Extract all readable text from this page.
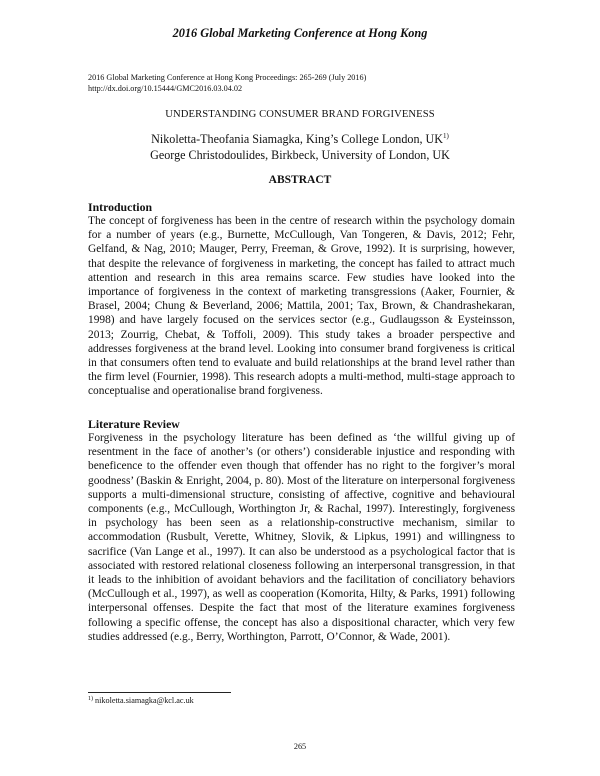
2016 Global Marketing Conference at Hong Kong
2016 Global Marketing Conference at Hong Kong Proceedings: 265-269 (July 2016)
http://dx.doi.org/10.15444/GMC2016.03.04.02
UNDERSTANDING CONSUMER BRAND FORGIVENESS
Nikoletta-Theofania Siamagka, King’s College London, UK$^{1)}$
George Christodoulides, Birkbeck, University of London, UK
ABSTRACT
Introduction

The concept of forgiveness has been in the centre of research within the psychology domain for a number of years (e.g., Burnette, McCullough, Van Tongeren, & Davis, 2012; Fehr, Gelfand, & Nag, 2010; Mauger, Perry, Freeman, & Grove, 1992). It is surprising, however, that despite the relevance of forgiveness in marketing, the concept has failed to attract much attention and research in this area remains scarce. Few studies have looked into the importance of forgiveness in the context of marketing transgressions (Aaker, Fournier, & Brasel, 2004; Chung & Beverland, 2006; Mattila, 2001; Tax, Brown, & Chandrashekaran, 1998) and have largely focused on the services sector (e.g., Gudlaugsson & Eysteinsson, 2013; Zourrig, Chebat, & Toffoli, 2009). This study takes a broader perspective and addresses forgiveness at the brand level. Looking into consumer brand forgiveness is critical in that consumers often tend to evaluate and build relationships at the brand level rather than the firm level (Fournier, 1998). This research adopts a multi-method, multi-stage approach to conceptualise and operationalise brand forgiveness.

Literature Review

Forgiveness in the psychology literature has been defined as ‘the willful giving up of resentment in the face of another’s (or others’) considerable injustice and responding with beneficence to the offender even though that offender has no right to the forgiver’s moral goodness’ (Baskin & Enright, 2004, p. 80). Most of the literature on interpersonal forgiveness supports a multi-dimensional structure, consisting of affective, cognitive and behavioural components (e.g., McCullough, Worthington Jr, & Rachal, 1997). Interestingly, forgiveness in psychology has been seen as a relationship-constructive mechanism, similar to accommodation (Rusbult, Verette, Whitney, Slovik, & Lipkus, 1991) and willingness to sacrifice (Van Lange et al., 1997). It can also be understood as a psychological factor that is associated with restored relational closeness following an interpersonal transgression, in that it leads to the inhibition of avoidant behaviors and the facilitation of conciliatory behaviors (McCullough et al., 1997), as well as cooperation (Komorita, Hilty, & Parks, 1991) following interpersonal offenses. Despite the fact that most of the literature examines forgiveness following a specific offense, the concept has also a dispositional character, which very few studies addressed (e.g., Berry, Worthington, Parrott, O’Connor, & Wade, 2001).

$^{1)}$ nikoletta.siamagka@kcl.ac.uk
265
